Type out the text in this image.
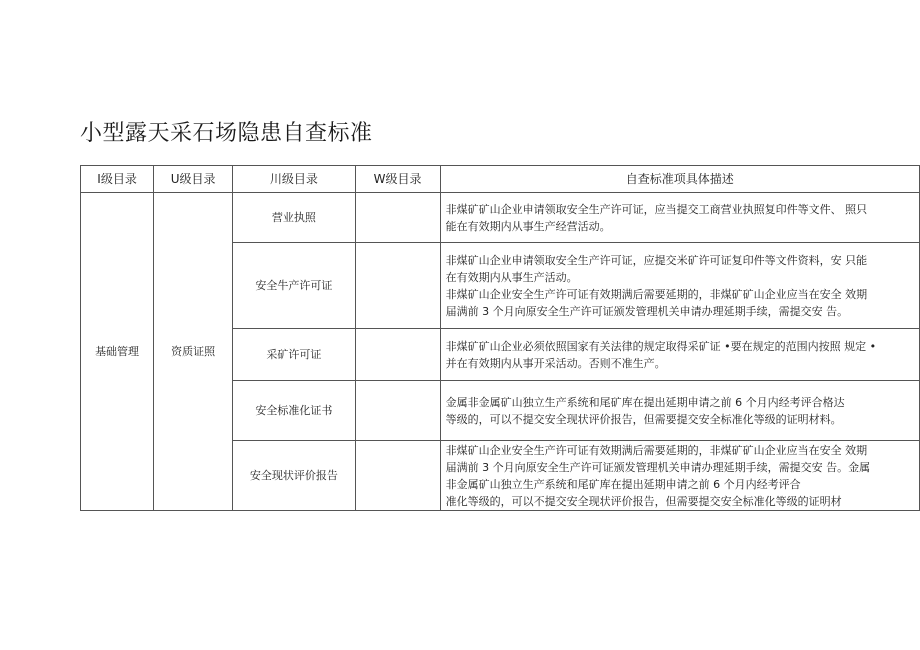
小型露天采石场隐患自查标准
I级目录	U级目录	川级目录	W级目录	自查标准项具体描述
基础管理	资质证照	营业执照		非煤矿矿山企业申请领取安全生产许可证，应当提交工商营业执照复印件等文件、 照只
能在有效期内从事生产经营活动。

		安全牛产许可证		非煤矿山企业申请领取安全生产许可证，应提交米矿许可证复印件等文件资料，安 只能
在有效期内从事生产活动。
非煤矿山企业安全生产许可证有效期满后需要延期的，非煤矿矿山企业应当在安全 效期
届满前 3 个月向原安全生产许可证颁发管理机关申请办理延期手续，需提交安 告。

		采矿许可证		非煤矿矿山企业必须依照国家有关法律的规定取得采矿证 •要在规定的范围内按照 规定 •
并在有效期内从事开采活动。否则不准生产。

		安全标准化证书		金属非金属矿山独立生产系统和尾矿库在提出延期申请之前 6 个月内经考评合格达
等级的，可以不提交安全现状评价报告，但需要提交安全标准化等级的证明材料。

		安全现状评价报告		非煤矿山企业安全生产许可证有效期满后需要延期的，非煤矿矿山企业应当在安全 效期
届满前 3 个月向原安全生产许可证颁发管理机关申请办理延期手续，需提交安 告。金属
非金属矿山独立生产系统和尾矿库在提出延期申请之前 6 个月内经考评合
准化等级的，可以不提交安全现状评价报告，但需要提交安全标准化等级的证明材
